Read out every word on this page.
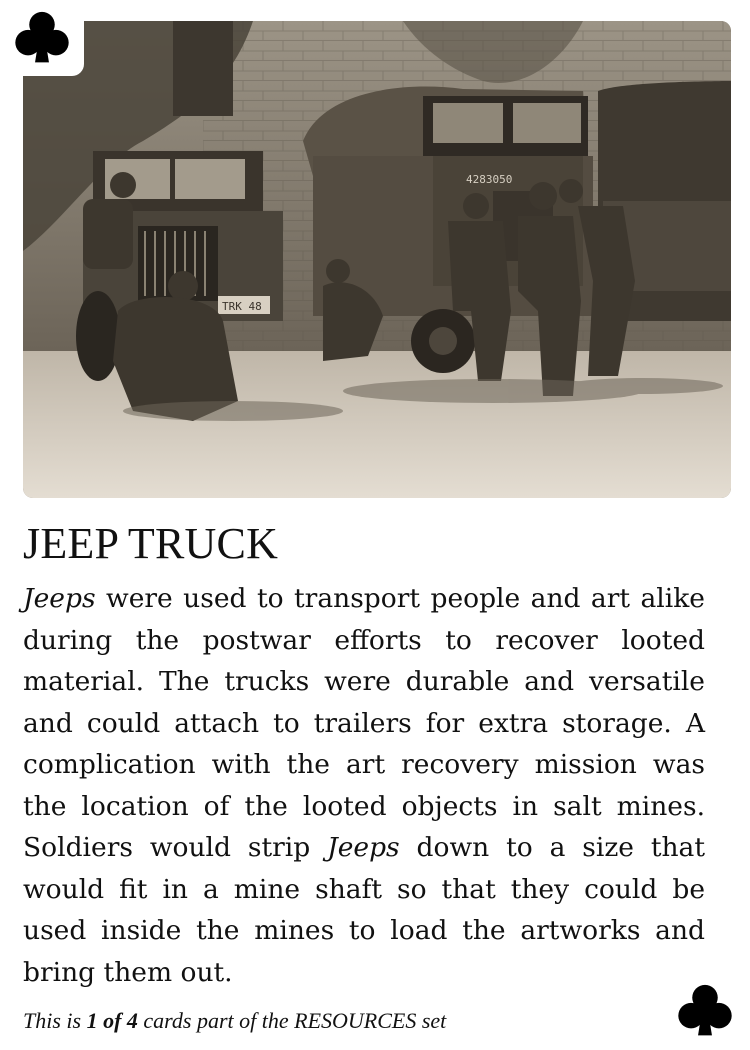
4283050
TRK 48
JEEP TRUCK

Jeeps were used to transport people and art alike during the postwar efforts to recover looted material. The trucks were durable and versatile and could attach to trailers for extra storage. A complication with the art recovery mission was the location of the looted objects in salt mines. Soldiers would strip Jeeps down to a size that would fit in a mine shaft so that they could be used inside the mines to load the artworks and bring them out.

This is 1 of 4 cards part of the RESOURCES set
